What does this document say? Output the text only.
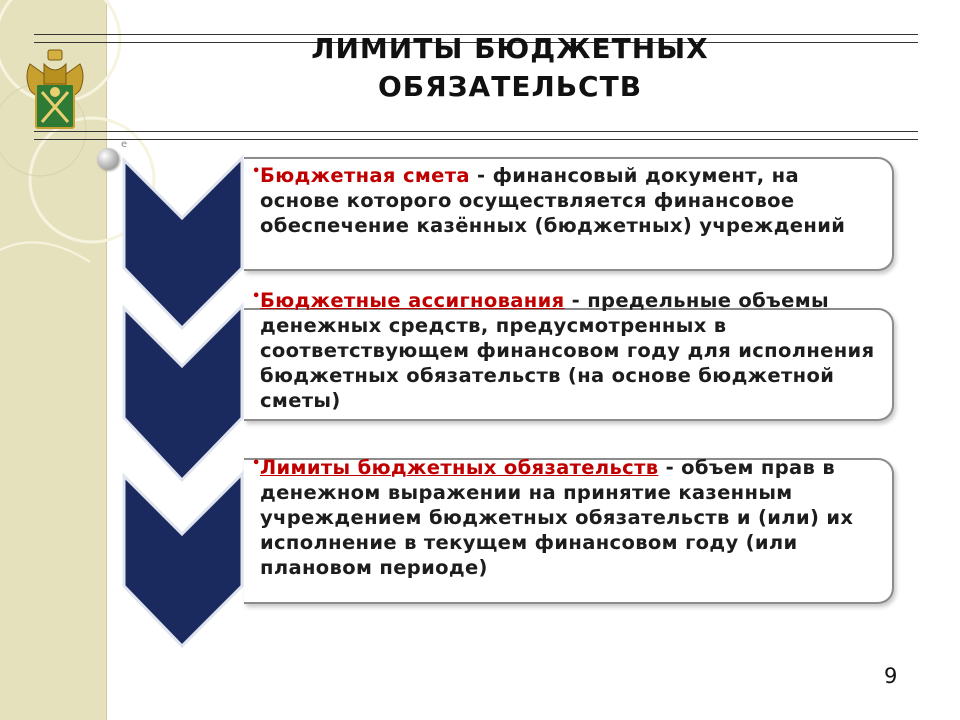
ЛИМИТЫ БЮДЖЕТНЫХ
ОБЯЗАТЕЛЬСТВ
e

• Бюджетная смета - финансовый документ, на основе которого осуществляется финансовое обеспечение казённых (бюджетных) учреждений

• Бюджетные ассигнования - предельные объемы денежных средств, предусмотренных в соответствующем финансовом году для исполнения бюджетных обязательств (на основе бюджетной сметы)

• Лимиты бюджетных обязательств - объем прав в денежном выражении на принятие казенным учреждением бюджетных обязательств и (или) их исполнение в текущем финансовом году (или плановом периоде)

9
